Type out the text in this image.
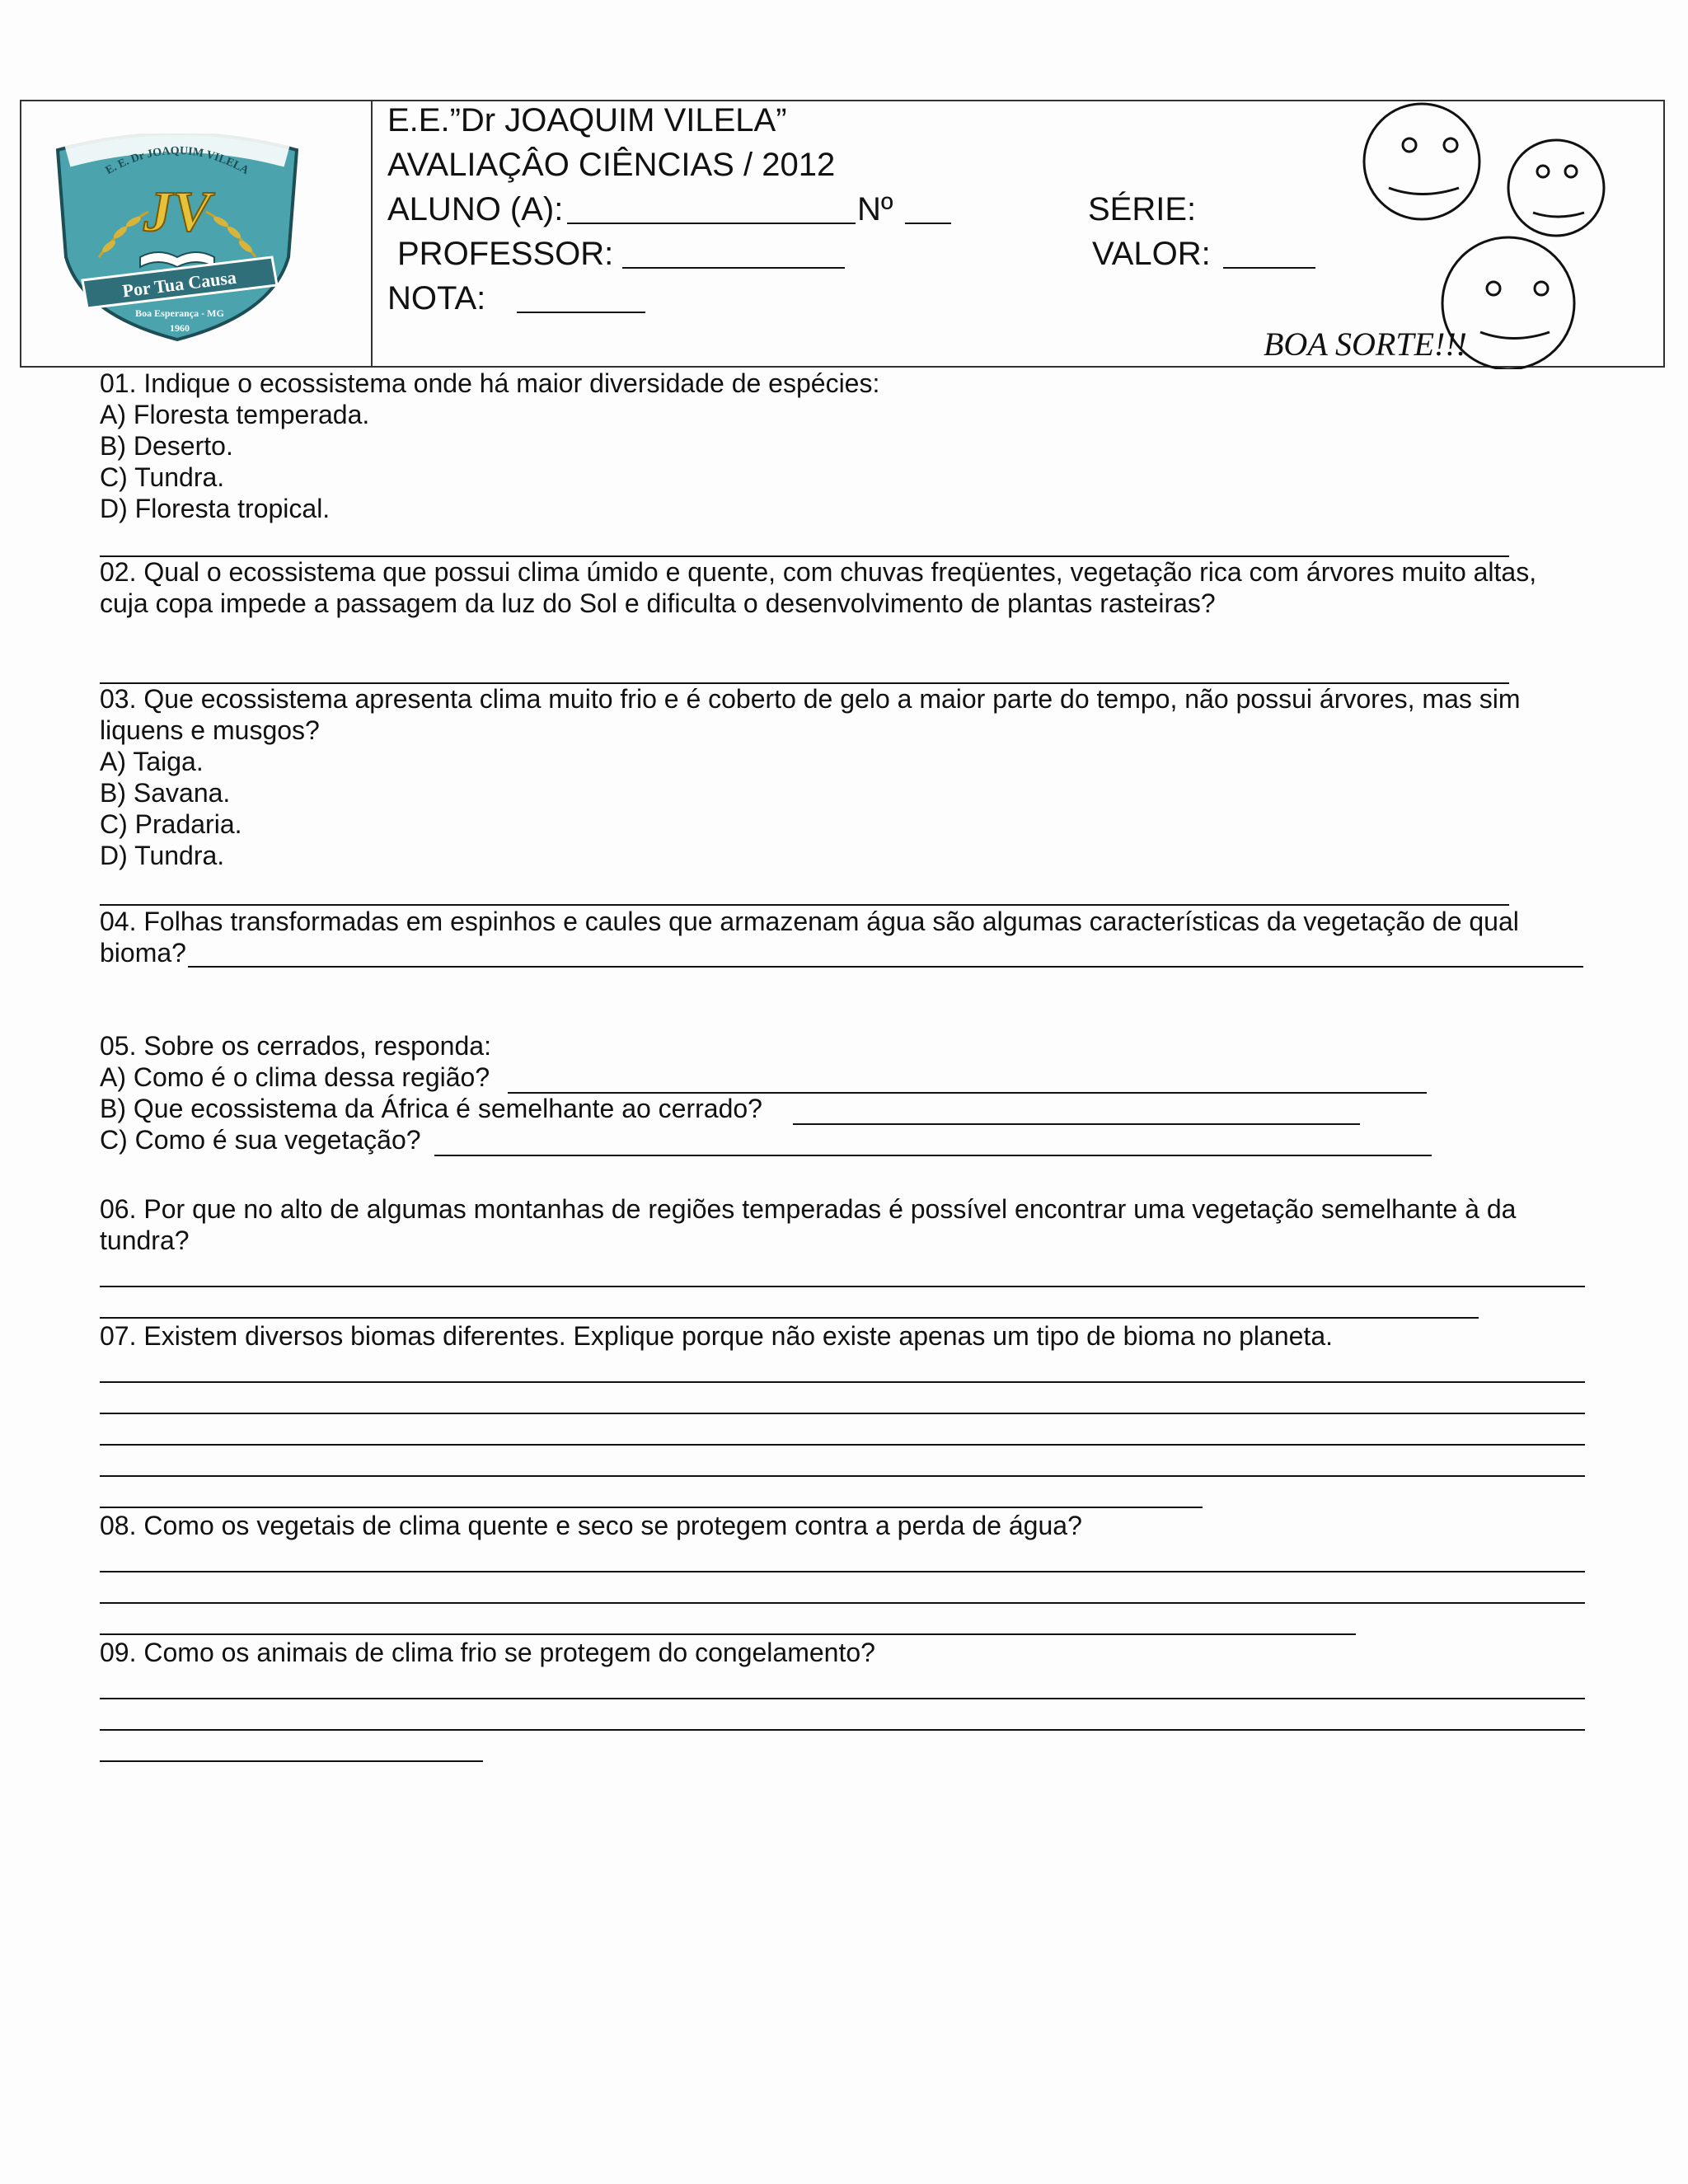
E. E. Dr JOAQUIM VILELA
JV
Por Tua Causa
Boa Esperança - MG
1960
E.E.”Dr JOAQUIM VILELA”
AVALIAÇÂO CIÊNCIAS / 2012
ALUNO (A):	Nº	SÉRIE:
PROFESSOR:	VALOR:
NOTA:
BOA SORTE!!!
01. Indique o ecossistema onde há maior diversidade de espécies:
A) Floresta temperada.
B) Deserto.
C) Tundra.
D) Floresta tropical.
02. Qual o ecossistema que possui clima úmido e quente, com chuvas freqüentes, vegetação rica com árvores muito altas, cuja copa impede a passagem da luz do Sol e dificulta o desenvolvimento de plantas rasteiras?
03. Que ecossistema apresenta clima muito frio e é coberto de gelo a maior parte do tempo, não possui árvores, mas sim liquens e musgos?
A) Taiga.
B) Savana.
C) Pradaria.
D) Tundra.
04. Folhas transformadas em espinhos e caules que armazenam água são algumas características da vegetação de qual
bioma?
05. Sobre os cerrados, responda:
A) Como é o clima dessa região?
B) Que ecossistema da África é semelhante ao cerrado?
C) Como é sua vegetação?
06. Por que no alto de algumas montanhas de regiões temperadas é possível encontrar uma vegetação semelhante à da tundra?
07. Existem diversos biomas diferentes. Explique porque não existe apenas um tipo de bioma no planeta.
08. Como os vegetais de clima quente e seco se protegem contra a perda de água?
09. Como os animais de clima frio se protegem do congelamento?
